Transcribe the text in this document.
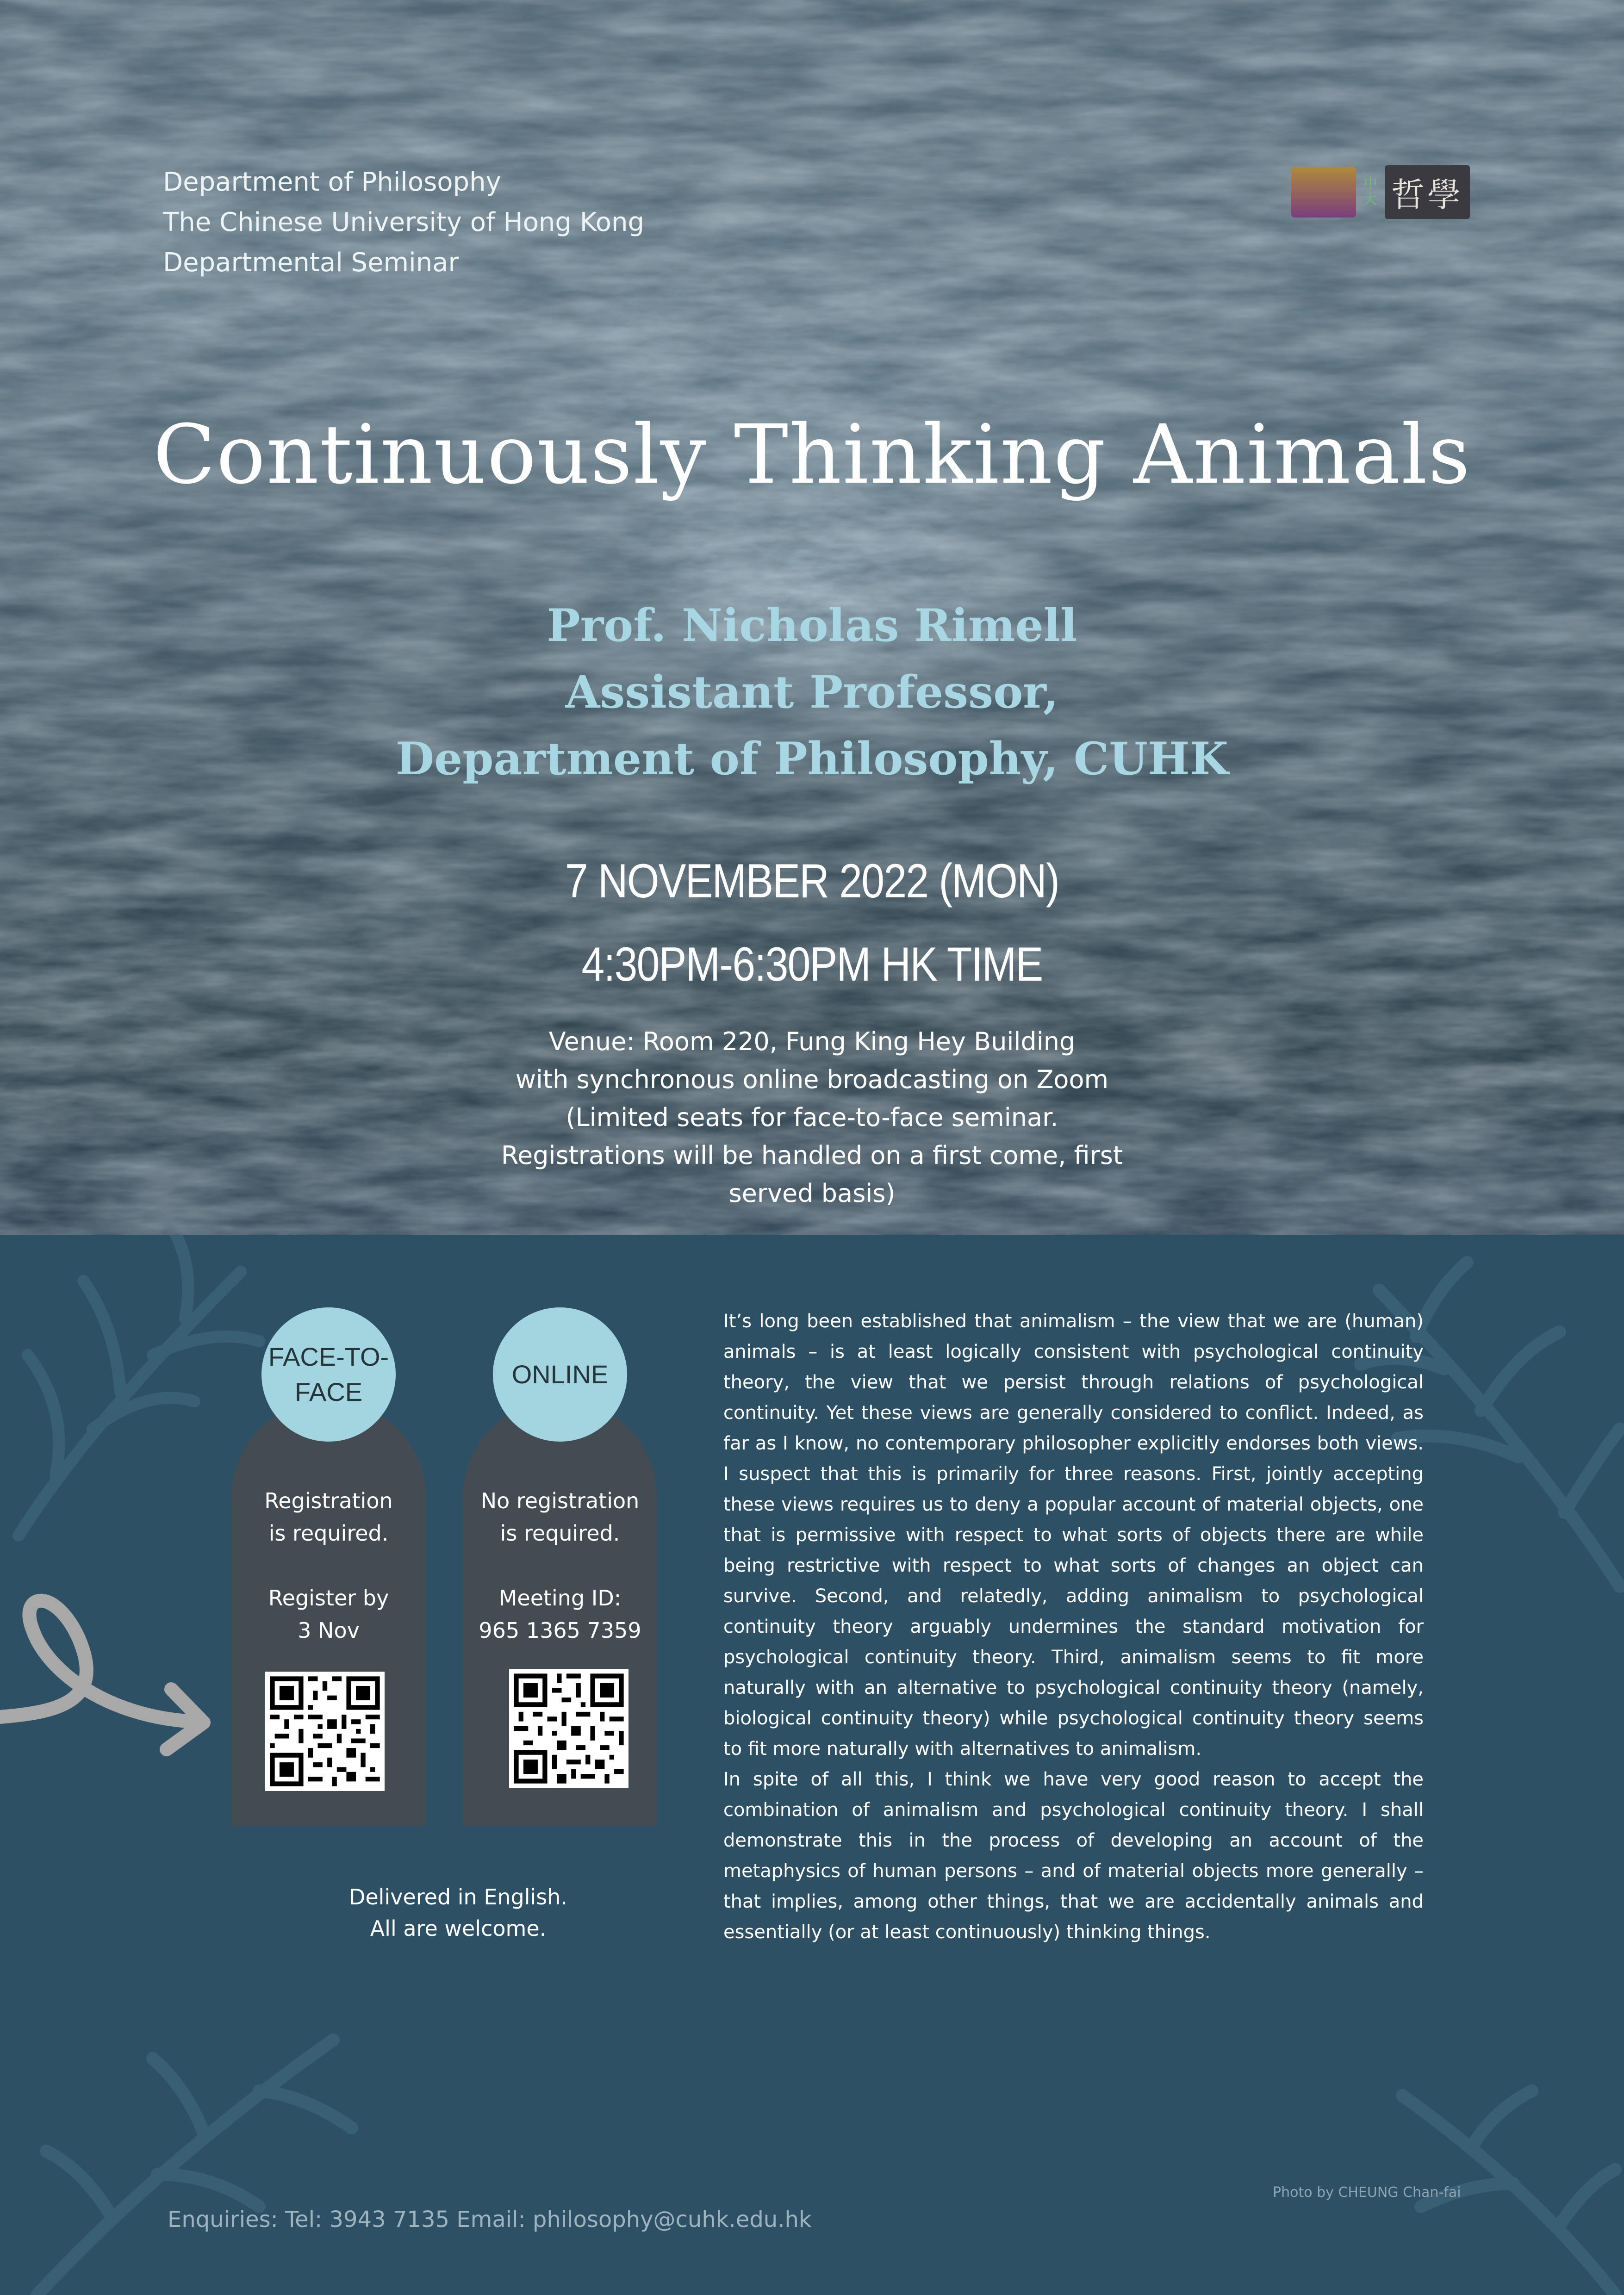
Department of Philosophy
The Chinese University of Hong Kong
Departmental Seminar
中
大 哲學
Continuously Thinking Animals
Prof. Nicholas Rimell
Assistant Professor,
Department of Philosophy, CUHK
7 NOVEMBER 2022 (MON)
4:30PM-6:30PM HK TIME
Venue: Room 220, Fung King Hey Building
with synchronous online broadcasting on Zoom
(Limited seats for face-to-face seminar.
Registrations will be handled on a first come, first
served basis)
FACE-TO-
FACE
Registration
is required.
Register by
3 Nov
ONLINE
No registration
is required.
Meeting ID:
965 1365 7359
Delivered in English.
All are welcome.

It’s long been established that animalism – the view that we are (human) animals – is at least logically consistent with psychological continuity theory, the view that we persist through relations of psychological continuity. Yet these views are generally considered to conflict. Indeed, as far as I know, no contemporary philosopher explicitly endorses both views. I suspect that this is primarily for three reasons. First, jointly accepting these views requires us to deny a popular account of material objects, one that is permissive with respect to what sorts of objects there are while being restrictive with respect to what sorts of changes an object can survive. Second, and relatedly, adding animalism to psychological continuity theory arguably undermines the standard motivation for psychological continuity theory. Third, animalism seems to fit more naturally with an alternative to psychological continuity theory (namely, biological continuity theory) while psychological continuity theory seems to fit more naturally with alternatives to animalism.

In spite of all this, I think we have very good reason to accept the combination of animalism and psychological continuity theory. I shall demonstrate this in the process of developing an account of the metaphysics of human persons – and of material objects more generally – that implies, among other things, that we are accidentally animals and essentially (or at least continuously) thinking things.

Photo by CHEUNG Chan-fai
Enquiries: Tel: 3943 7135 Email: philosophy@cuhk.edu.hk
